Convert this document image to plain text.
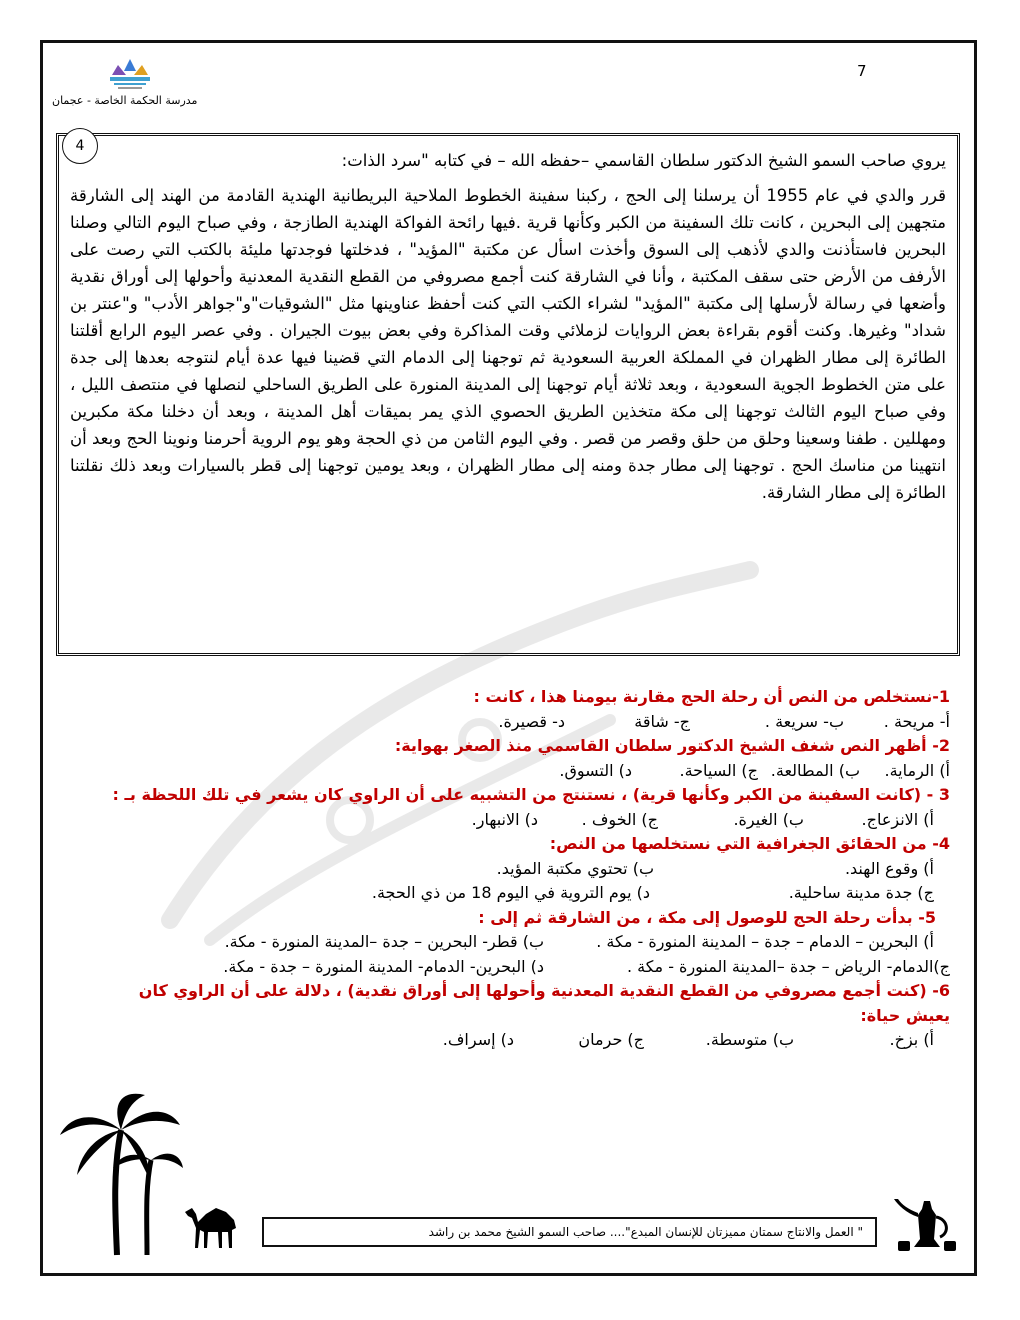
7
مدرسة الحكمة الخاصة - عجمان
4

يروي صاحب السمو الشيخ الدكتور سلطان القاسمي –حفظه الله – في كتابه "سرد الذات:

قرر والدي في عام 1955 أن يرسلنا إلى الحج ، ركبنا سفينة الخطوط الملاحية البريطانية الهندية القادمة من الهند إلى الشارقة متجهين إلى البحرين ، كانت تلك السفينة من الكبر وكأنها قرية .فيها رائحة الفواكة الهندية الطازجة ، وفي صباح اليوم التالي وصلنا البحرين فاستأذنت والدي لأذهب إلى السوق وأخذت اسأل عن مكتبة "المؤيد" ، فدخلتها فوجدتها مليئة بالكتب التي رصت على الأرفف من الأرض حتى سقف المكتبة ، وأنا في الشارقة كنت أجمع مصروفي من القطع النقدية المعدنية وأحولها إلى أوراق نقدية وأضعها في رسالة لأرسلها إلى مكتبة "المؤيد" لشراء الكتب التي كنت أحفظ عناوينها مثل "الشوقيات"و"جواهر الأدب" و"عنتر بن شداد" وغيرها. وكنت أقوم بقراءة بعض الروايات لزملائي وقت المذاكرة وفي بعض بيوت الجيران . وفي عصر اليوم الرابع أقلتنا الطائرة إلى مطار الظهران في المملكة العربية السعودية ثم توجهنا إلى الدمام التي قضينا فيها عدة أيام لنتوجه بعدها إلى جدة على متن الخطوط الجوية السعودية ، وبعد ثلاثة أيام توجهنا إلى المدينة المنورة على الطريق الساحلي لنصلها في منتصف الليل ، وفي صباح اليوم الثالث توجهنا إلى مكة متخذين الطريق الحصوي الذي يمر بميقات أهل المدينة ، وبعد أن دخلنا مكة مكبرين ومهللين . طفنا وسعينا وحلق من حلق وقصر من قصر . وفي اليوم الثامن من ذي الحجة وهو يوم الروية أحرمنا ونوينا الحج وبعد أن انتهينا من مناسك الحج . توجهنا إلى مطار جدة ومنه إلى مطار الظهران ، وبعد يومين توجهنا إلى قطر بالسيارات وبعد ذلك نقلتنا الطائرة إلى مطار الشارقة.

1-نستخلص من النص أن رحلة الحج مقارنة بيومنا هذا ، كانت :
أ- مريحة .
ب- سريعة .
ج- شاقة
د- قصيرة.
2- أظهر النص شغف الشيخ الدكتور سلطان القاسمي منذ الصغر بهواية:
أ) الرماية.
ب) المطالعة.
ج) السياحة.
د) التسوق.
3 - (كانت السفينة من الكبر وكأنها قرية) ، نستنتج من التشبيه على أن الراوي كان يشعر في تلك اللحظة بـ :
أ) الانزعاج.
ب) الغيرة.
ج) الخوف .
د) الانبهار.
4- من الحقائق الجغرافية التي نستخلصها من النص:
أ) وقوع الهند.
ب) تحتوي مكتبة المؤيد.
ج) جدة مدينة ساحلية.
د) يوم التروية في اليوم 18 من ذي الحجة.
5- بدأت رحلة الحج للوصول إلى مكة ، من الشارقة ثم إلى :
أ) البحرين – الدمام – جدة – المدينة المنورة - مكة .
ب) قطر- البحرين – جدة –المدينة المنورة - مكة.
ج)الدمام- الرياض – جدة –المدينة المنورة - مكة .
د) البحرين- الدمام- المدينة المنورة – جدة - مكة.
6- (كنت أجمع مصروفي من القطع النقدية المعدنية وأحولها إلى أوراق نقدية) ، دلالة على أن الراوي كان يعيش حياة:
أ) بزخ.
ب) متوسطة.
ج) حرمان
د) إسراف.
" العمل والانتاج سمتان مميزتان للإنسان المبدع".... صاحب السمو الشيخ محمد بن راشد
